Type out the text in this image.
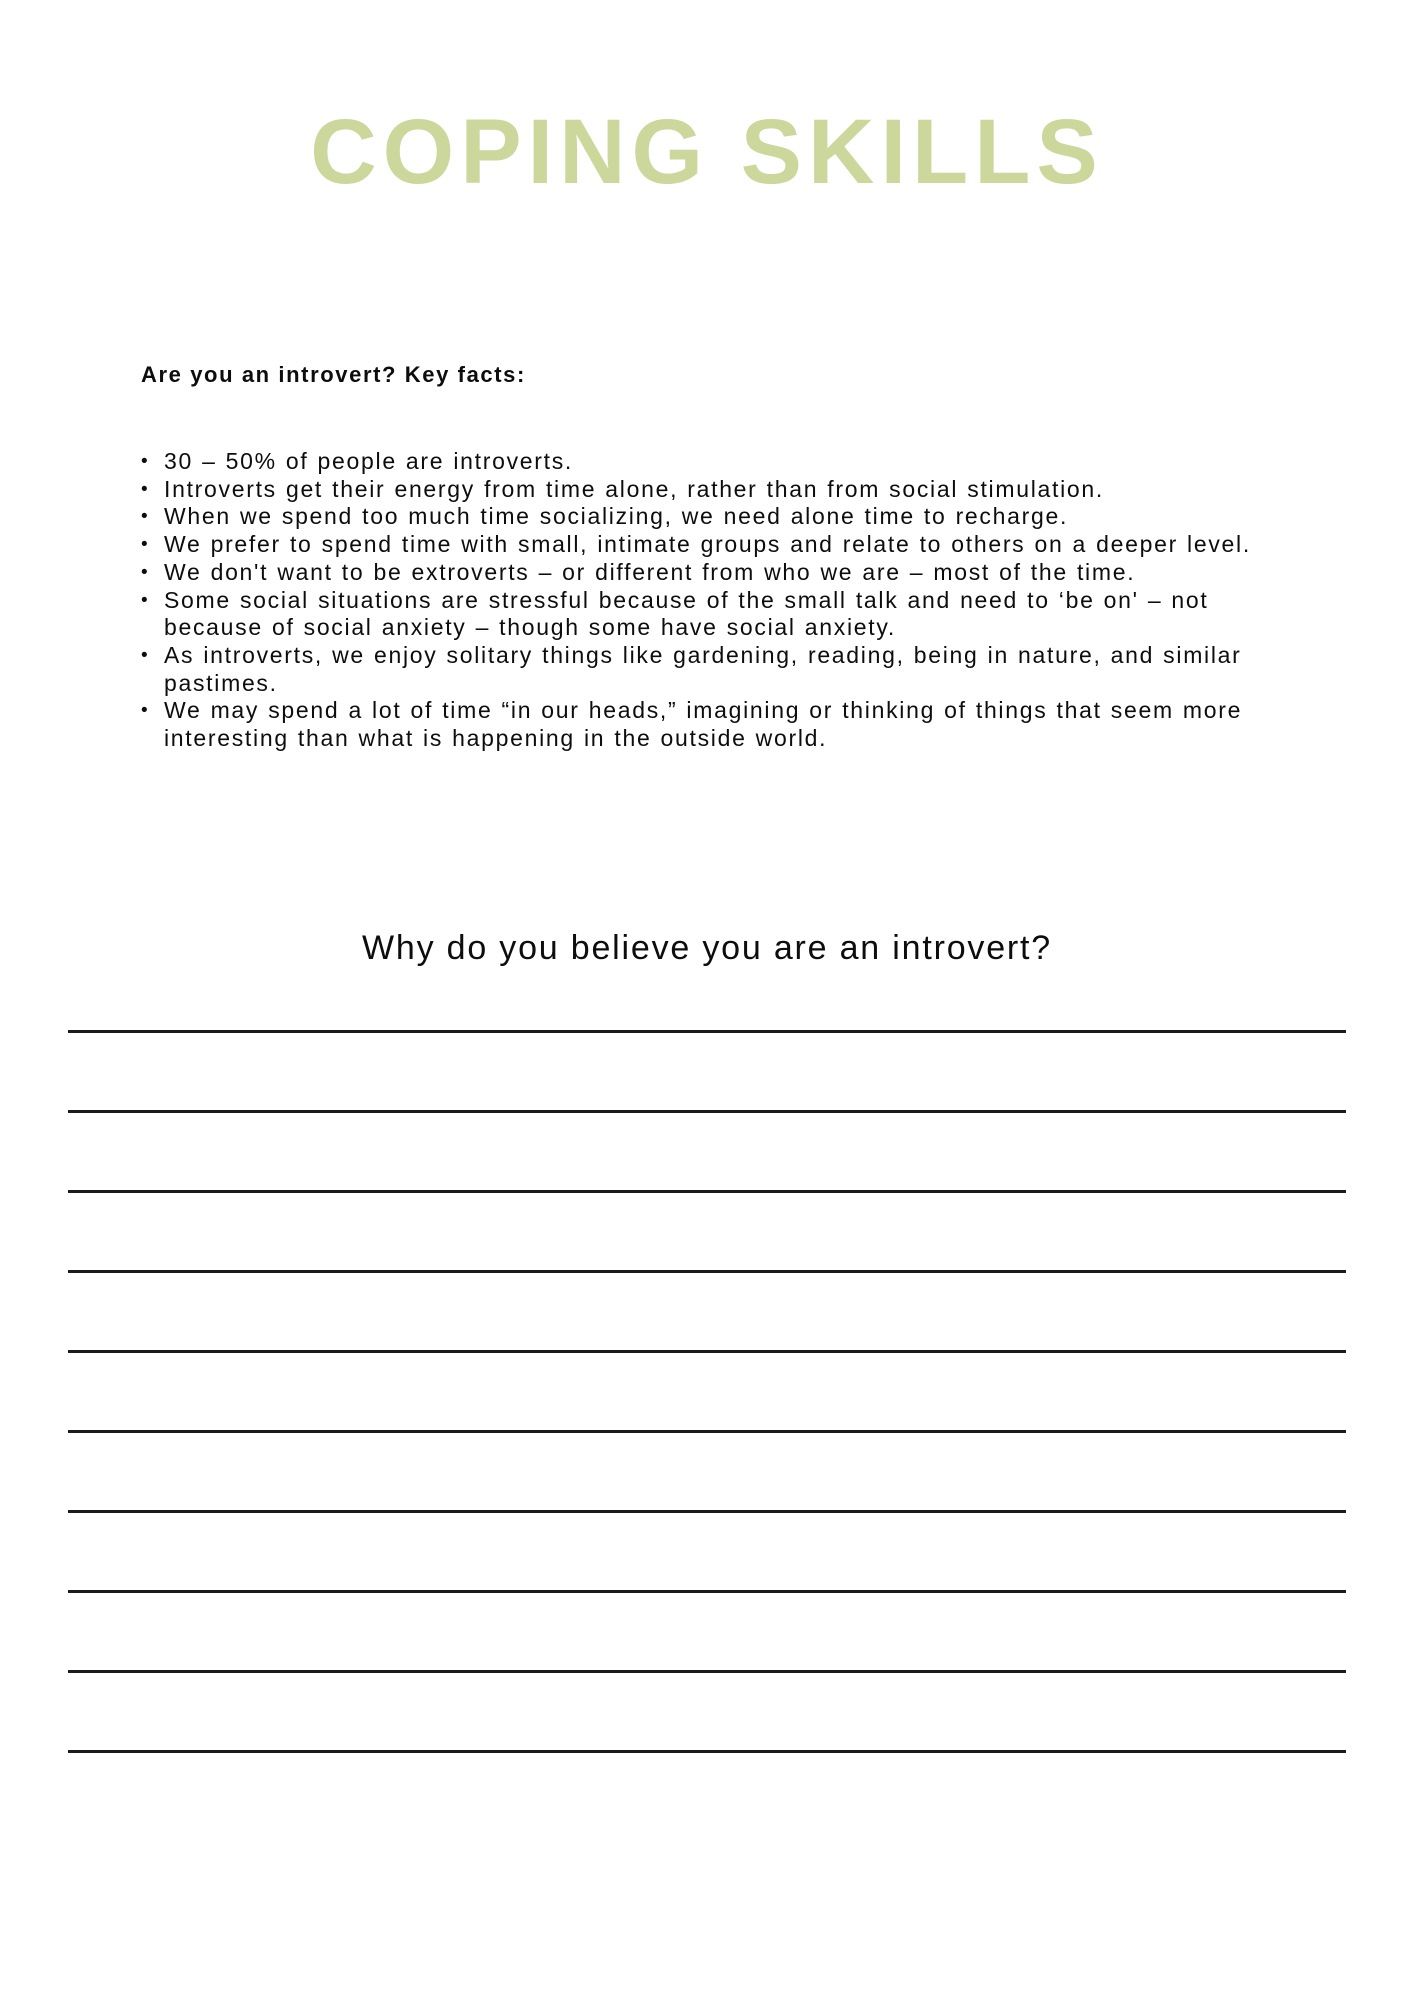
COPING SKILLS
Are you an introvert? Key facts:
• 30 – 50% of people are introverts.
• Introverts get their energy from time alone, rather than from social stimulation.
• When we spend too much time socializing, we need alone time to recharge.
• We prefer to spend time with small, intimate groups and relate to others on a deeper level.
• We don't want to be extroverts – or different from who we are – most of the time.
• Some social situations are stressful because of the small talk and need to ‘be on' – not because of social anxiety – though some have social anxiety.
• As introverts, we enjoy solitary things like gardening, reading, being in nature, and similar pastimes.
• We may spend a lot of time “in our heads,” imagining or thinking of things that seem more interesting than what is happening in the outside world.
Why do you believe you are an introvert?
